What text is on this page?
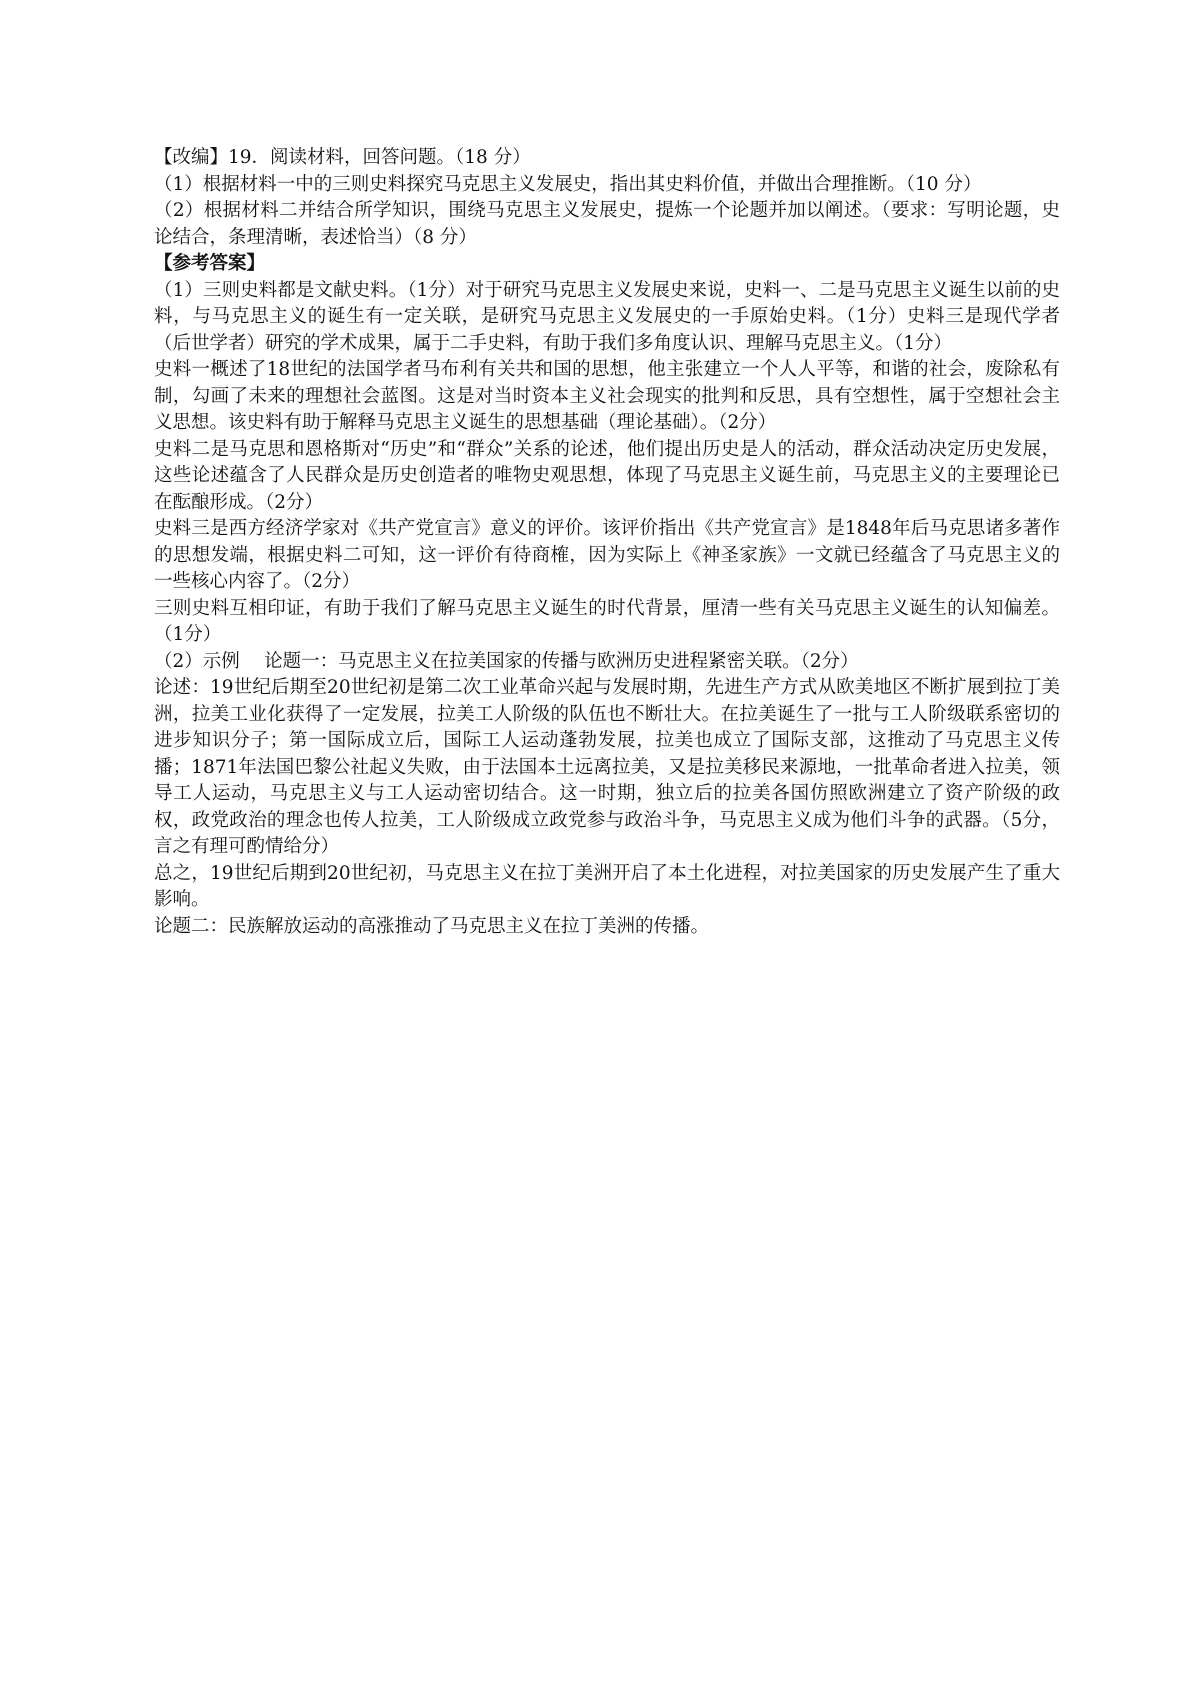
【改编】19．阅读材料，回答问题。（18 分）

（1）根据材料一中的三则史料探究马克思主义发展史，指出其史料价值，并做出合理推断。（10 分）

（2）根据材料二并结合所学知识，围绕马克思主义发展史，提炼一个论题并加以阐述。（要求：写明论题，史论结合，条理清晰，表述恰当）（8 分）

【参考答案】

（1）三则史料都是文献史料。（1分）对于研究马克思主义发展史来说，史料一、二是马克思主义诞生以前的史料，与马克思主义的诞生有一定关联，是研究马克思主义发展史的一手原始史料。（1分）史料三是现代学者（后世学者）研究的学术成果，属于二手史料，有助于我们多角度认识、理解马克思主义。（1分）

史料一概述了18世纪的法国学者马布利有关共和国的思想，他主张建立一个人人平等，和谐的社会，废除私有制，勾画了未来的理想社会蓝图。这是对当时资本主义社会现实的批判和反思，具有空想性，属于空想社会主义思想。该史料有助于解释马克思主义诞生的思想基础（理论基础）。（2分）

史料二是马克思和恩格斯对“历史”和“群众”关系的论述，他们提出历史是人的活动，群众活动决定历史发展，这些论述蕴含了人民群众是历史创造者的唯物史观思想，体现了马克思主义诞生前，马克思主义的主要理论已在酝酿形成。（2分）

史料三是西方经济学家对《共产党宣言》意义的评价。该评价指出《共产党宣言》是1848年后马克思诸多著作的思想发端，根据史料二可知，这一评价有待商榷，因为实际上《神圣家族》一文就已经蕴含了马克思主义的一些核心内容了。（2分）

三则史料互相印证，有助于我们了解马克思主义诞生的时代背景，厘清一些有关马克思主义诞生的认知偏差。（1分）

（2）示例　 论题一：马克思主义在拉美国家的传播与欧洲历史进程紧密关联。（2分）

论述：19世纪后期至20世纪初是第二次工业革命兴起与发展时期，先进生产方式从欧美地区不断扩展到拉丁美洲，拉美工业化获得了一定发展，拉美工人阶级的队伍也不断壮大。在拉美诞生了一批与工人阶级联系密切的进步知识分子；第一国际成立后，国际工人运动蓬勃发展，拉美也成立了国际支部，这推动了马克思主义传播；1871年法国巴黎公社起义失败，由于法国本土远离拉美，又是拉美移民来源地，一批革命者进入拉美，领导工人运动，马克思主义与工人运动密切结合。这一时期，独立后的拉美各国仿照欧洲建立了资产阶级的政权，政党政治的理念也传人拉美，工人阶级成立政党参与政治斗争，马克思主义成为他们斗争的武器。（5分，言之有理可酌情给分）

总之，19世纪后期到20世纪初，马克思主义在拉丁美洲开启了本土化进程，对拉美国家的历史发展产生了重大影响。

论题二：民族解放运动的高涨推动了马克思主义在拉丁美洲的传播。
